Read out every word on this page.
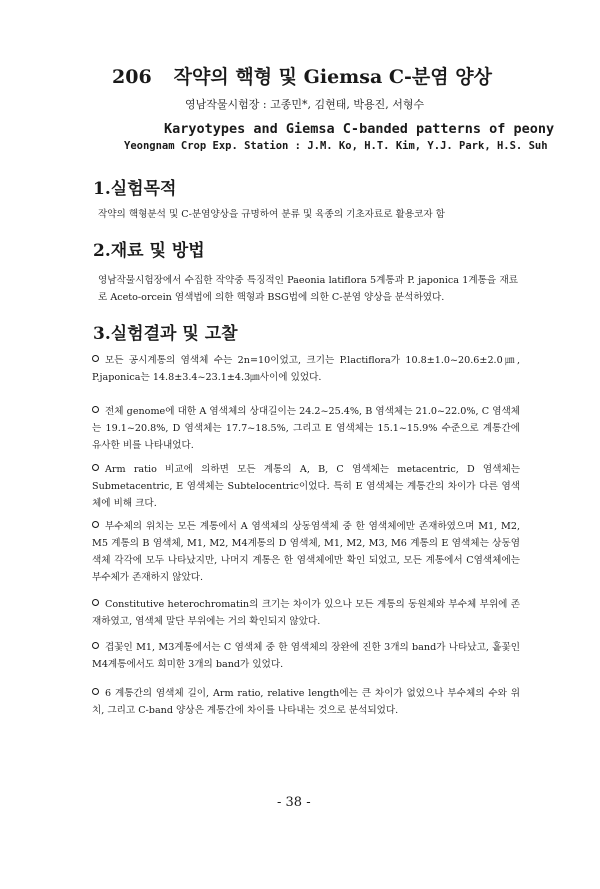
206 작약의 핵형 및 Giemsa C-분염 양상
영남작물시험장 : 고종민*, 김현태, 박용진, 서형수
Karyotypes and Giemsa C-banded patterns of peony
Yeongnam Crop Exp. Station : J.M. Ko, H.T. Kim, Y.J. Park, H.S. Suh
1.실험목적
작약의 핵형분석 및 C-분염양상을 규명하여 분류 및 육종의 기초자료로 활용코자 함
2.재료 및 방법
영남작물시험장에서 수집한 작약중 특징적인 Paeonia latiflora 5계통과 P. japonica 1계통을 재료로 Aceto-orcein 염색법에 의한 핵형과 BSG법에 의한 C-분염 양상을 분석하였다.
3.실험결과 및 고찰
모든 공시계통의 염색체 수는 2n=10이었고, 크기는 P.lactiflora가 10.8±1.0~20.6±2.0㎛, P.japonica는 14.8±3.4~23.1±4.3㎛사이에 있었다.
전체 genome에 대한 A 염색체의 상대길이는 24.2~25.4%, B 염색체는 21.0~22.0%, C 염색체는 19.1~20.8%, D 염색체는 17.7~18.5%, 그리고 E 염색체는 15.1~15.9% 수준으로 계통간에 유사한 비를 나타내었다.
Arm ratio 비교에 의하면 모든 계통의 A, B, C 염색체는 metacentric, D 염색체는 Submetacentric, E 염색체는 Subtelocentric이었다. 특히 E 염색체는 계통간의 차이가 다른 염색체에 비해 크다.
부수체의 위치는 모든 계통에서 A 염색체의 상동염색체 중 한 염색체에만 존재하였으며 M1, M2, M5 계통의 B 염색체, M1, M2, M4계통의 D 염색체, M1, M2, M3, M6 계통의 E 염색체는 상동염색체 각각에 모두 나타났지만, 나머지 계통은 한 염색체에만 확인 되었고, 모든 계통에서 C염색체에는 부수체가 존재하지 않았다.
Constitutive heterochromatin의 크기는 차이가 있으나 모든 계통의 동원체와 부수체 부위에 존재하였고, 염색체 말단 부위에는 거의 확인되지 않았다.
겹꽃인 M1, M3계통에서는 C 염색체 중 한 염색체의 장완에 진한 3개의 band가 나타났고, 홑꽃인 M4계통에서도 희미한 3개의 band가 있었다.
6 계통간의 염색체 길이, Arm ratio, relative length에는 큰 차이가 없었으나 부수체의 수와 위치, 그리고 C-band 양상은 계통간에 차이를 나타내는 것으로 분석되었다.
- 38 -
